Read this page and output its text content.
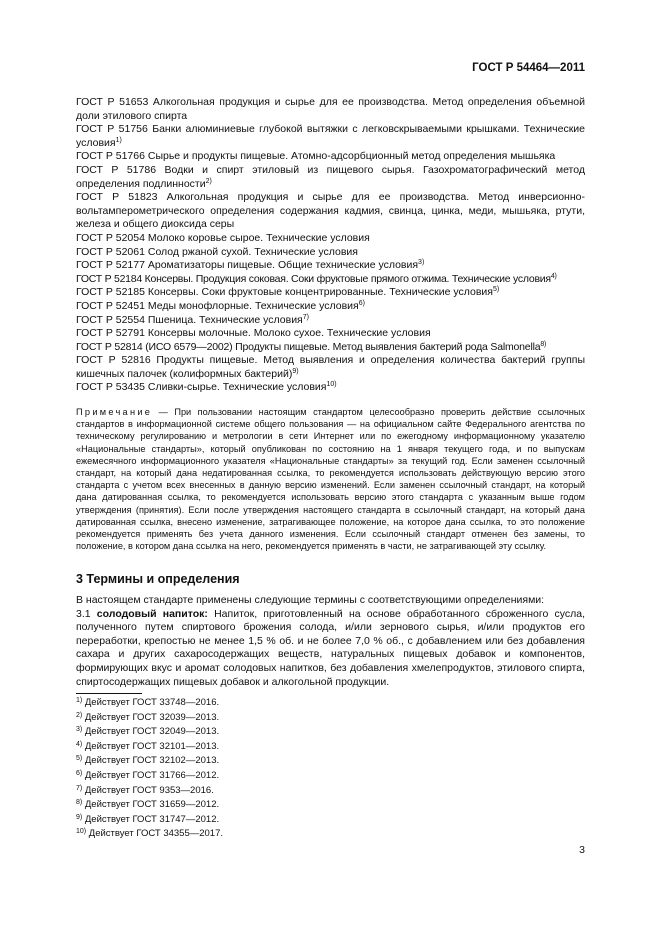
ГОСТ Р 54464—2011

ГОСТ Р 51653 Алкогольная продукция и сырье для ее производства. Метод определения объемной доли этилового спирта

ГОСТ Р 51756 Банки алюминиевые глубокой вытяжки с легковскрываемыми крышками. Технические условия$^{1)}$

ГОСТ Р 51766 Сырье и продукты пищевые. Атомно-адсорбционный метод определения мышьяка

ГОСТ Р 51786 Водки и спирт этиловый из пищевого сырья. Газохроматографический метод определения подлинности$^{2)}$

ГОСТ Р 51823 Алкогольная продукция и сырье для ее производства. Метод инверсионно-вольтамперометрического определения содержания кадмия, свинца, цинка, меди, мышьяка, ртути, железа и общего диоксида серы

ГОСТ Р 52054 Молоко коровье сырое. Технические условия

ГОСТ Р 52061 Солод ржаной сухой. Технические условия

ГОСТ Р 52177 Ароматизаторы пищевые. Общие технические условия$^{3)}$

ГОСТ Р 52184 Консервы. Продукция соковая. Соки фруктовые прямого отжима. Технические условия$^{4)}$

ГОСТ Р 52185 Консервы. Соки фруктовые концентрированные. Технические условия$^{5)}$

ГОСТ Р 52451 Меды монофлорные. Технические условия$^{6)}$

ГОСТ Р 52554 Пшеница. Технические условия$^{7)}$

ГОСТ Р 52791 Консервы молочные. Молоко сухое. Технические условия

ГОСТ Р 52814 (ИСО 6579—2002) Продукты пищевые. Метод выявления бактерий рода Salmonella$^{8)}$

ГОСТ Р 52816 Продукты пищевые. Метод выявления и определения количества бактерий группы кишечных палочек (колиформных бактерий)$^{9)}$

ГОСТ Р 53435 Сливки-сырье. Технические условия$^{10)}$

Примечание — При пользовании настоящим стандартом целесообразно проверить действие ссылочных стандартов в информационной системе общего пользования — на официальном сайте Федерального агентства по техническому регулированию и метрологии в сети Интернет или по ежегодному информационному указателю «Национальные стандарты», который опубликован по состоянию на 1 января текущего года, и по выпускам ежемесячного информационного указателя «Национальные стандарты» за текущий год. Если заменен ссылочный стандарт, на который дана недатированная ссылка, то рекомендуется использовать действующую версию этого стандарта с учетом всех внесенных в данную версию изменений. Если заменен ссылочный стандарт, на который дана датированная ссылка, то рекомендуется использовать версию этого стандарта с указанным выше годом утверждения (принятия). Если после утверждения настоящего стандарта в ссылочный стандарт, на который дана датированная ссылка, внесено изменение, затрагивающее положение, на которое дана ссылка, то это положение рекомендуется применять без учета данного изменения. Если ссылочный стандарт отменен без замены, то положение, в котором дана ссылка на него, рекомендуется применять в части, не затрагивающей эту ссылку.
3 Термины и определения

В настоящем стандарте применены следующие термины с соответствующими определениями:

3.1 солодовый напиток: Напиток, приготовленный на основе обработанного сброженного сусла, полученного путем спиртового брожения солода, и/или зернового сырья, и/или продуктов его переработки, крепостью не менее 1,5 % об. и не более 7,0 % об., с добавлением или без добавления сахара и других сахаросодержащих веществ, натуральных пищевых добавок и компонентов, формирующих вкус и аромат солодовых напитков, без добавления хмелепродуктов, этилового спирта, спиртосодержащих пищевых добавок и алкогольной продукции.

$^{1)}$ Действует ГОСТ 33748—2016.

$^{2)}$ Действует ГОСТ 32039—2013.

$^{3)}$ Действует ГОСТ 32049—2013.

$^{4)}$ Действует ГОСТ 32101—2013.

$^{5)}$ Действует ГОСТ 32102—2013.

$^{6)}$ Действует ГОСТ 31766—2012.

$^{7)}$ Действует ГОСТ 9353—2016.

$^{8)}$ Действует ГОСТ 31659—2012.

$^{9)}$ Действует ГОСТ 31747—2012.

$^{10)}$ Действует ГОСТ 34355—2017.

3
